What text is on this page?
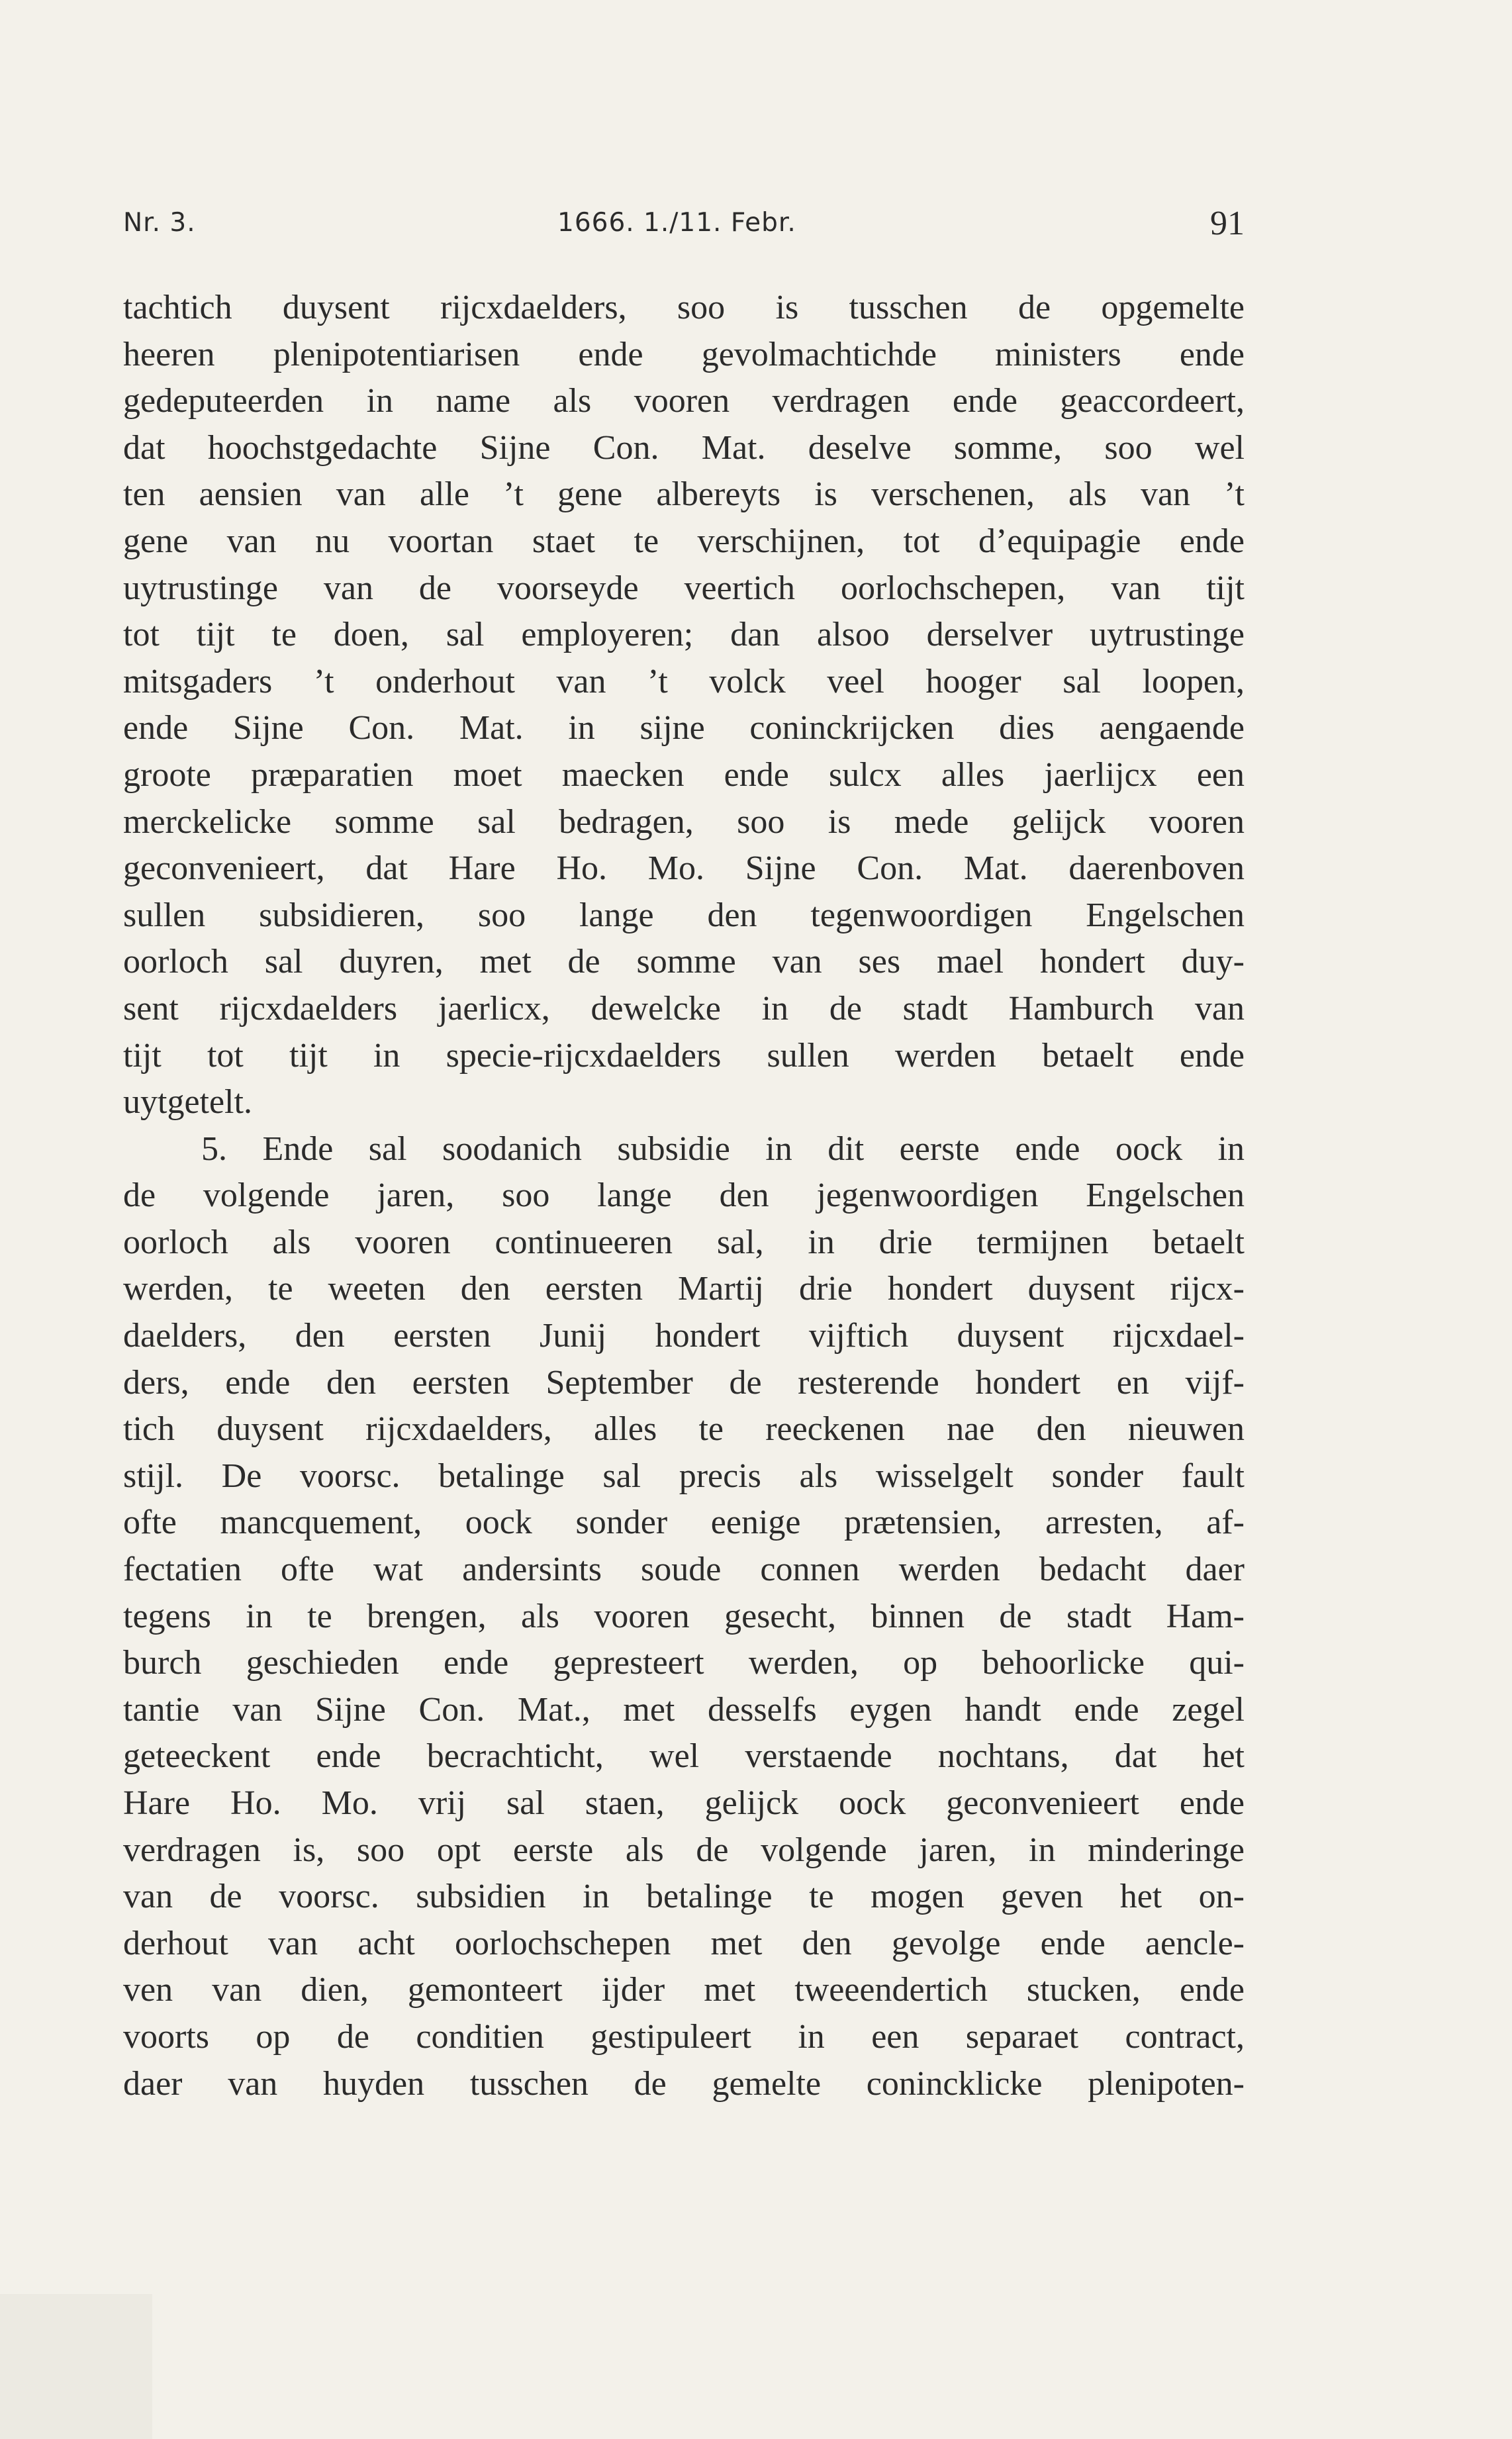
Nr. 3.	1666. 1./11. Febr.	91
tachtich duysent rijcxdaelders, soo is tusschen de opgemelte
heeren plenipotentiarisen ende gevolmachtichde ministers ende
gedeputeerden in name als vooren verdragen ende geaccordeert,
dat hoochstgedachte Sijne Con. Mat. deselve somme, soo wel
ten aensien van alle ’t gene albereyts is verschenen, als van ’t
gene van nu voortan staet te verschijnen, tot d’equipagie ende
uytrustinge van de voorseyde veertich oorlochschepen, van tijt
tot tijt te doen, sal employeren; dan alsoo derselver uytrustinge
mitsgaders ’t onderhout van ’t volck veel hooger sal loopen,
ende Sijne Con. Mat. in sijne coninckrijcken dies aengaende
groote præparatien moet maecken ende sulcx alles jaerlijcx een
merckelicke somme sal bedragen, soo is mede gelijck vooren
geconvenieert, dat Hare Ho. Mo. Sijne Con. Mat. daerenboven
sullen subsidieren, soo lange den tegenwoordigen Engelschen
oorloch sal duyren, met de somme van ses mael hondert duy-
sent rijcxdaelders jaerlicx, dewelcke in de stadt Hamburch van
tijt tot tijt in specie-rijcxdaelders sullen werden betaelt ende
uytgetelt.
5. Ende sal soodanich subsidie in dit eerste ende oock in
de volgende jaren, soo lange den jegenwoordigen Engelschen
oorloch als vooren continueeren sal, in drie termijnen betaelt
werden, te weeten den eersten Martij drie hondert duysent rijcx-
daelders, den eersten Junij hondert vijftich duysent rijcxdael-
ders, ende den eersten September de resterende hondert en vijf-
tich duysent rijcxdaelders, alles te reeckenen nae den nieuwen
stijl. De voorsc. betalinge sal precis als wisselgelt sonder fault
ofte mancquement, oock sonder eenige prætensien, arresten, af-
fectatien ofte wat andersints soude connen werden bedacht daer
tegens in te brengen, als vooren gesecht, binnen de stadt Ham-
burch geschieden ende gepresteert werden, op behoorlicke qui-
tantie van Sijne Con. Mat., met desselfs eygen handt ende zegel
geteeckent ende becrachticht, wel verstaende nochtans, dat het
Hare Ho. Mo. vrij sal staen, gelijck oock geconvenieert ende
verdragen is, soo opt eerste als de volgende jaren, in minderinge
van de voorsc. subsidien in betalinge te mogen geven het on-
derhout van acht oorlochschepen met den gevolge ende aencle-
ven van dien, gemonteert ijder met tweeendertich stucken, ende
voorts op de conditien gestipuleert in een separaet contract,
daer van huyden tusschen de gemelte conincklicke plenipoten-
